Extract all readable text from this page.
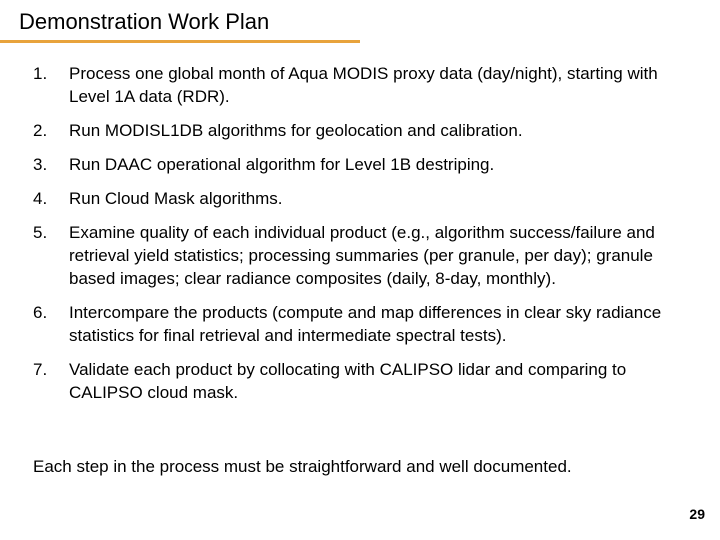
Demonstration Work Plan
1.	Process one global month of Aqua MODIS proxy data (day/night), starting with Level 1A data (RDR).
2.	Run MODISL1DB algorithms for geolocation and calibration.
3.	Run DAAC operational algorithm for Level 1B destriping.
4.	Run Cloud Mask algorithms.
5.	Examine quality of each individual product (e.g., algorithm success/failure and retrieval yield statistics; processing summaries (per granule, per day); granule based images; clear radiance composites (daily, 8-day, monthly).
6.	Intercompare the products (compute and map differences in clear sky radiance statistics for final retrieval and intermediate spectral tests).
7.	Validate each product by collocating with CALIPSO lidar and comparing to CALIPSO cloud mask.
Each step in the process must be straightforward and well documented.
29
